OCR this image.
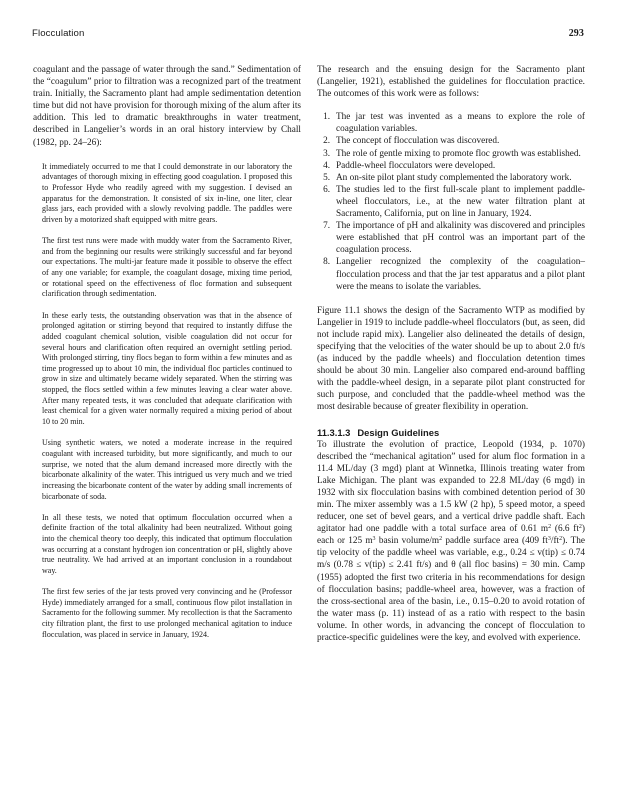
Flocculation	293

coagulant and the passage of water through the sand.” Sedimentation of the “coagulum” prior to filtration was a recognized part of the treatment train. Initially, the Sacramento plant had ample sedimentation detention time but did not have provision for thorough mixing of the alum after its addition. This led to dramatic breakthroughs in water treatment, described in Langelier’s words in an oral history interview by Chall (1982, pp. 24–26):

It immediately occurred to me that I could demonstrate in our laboratory the advantages of thorough mixing in effecting good coagulation. I proposed this to Professor Hyde who readily agreed with my suggestion. I devised an apparatus for the demonstration. It consisted of six in-line, one liter, clear glass jars, each provided with a slowly revolving paddle. The paddles were driven by a motorized shaft equipped with mitre gears.

The first test runs were made with muddy water from the Sacramento River, and from the beginning our results were strikingly successful and far beyond our expectations. The multi-jar feature made it possible to observe the effect of any one variable; for example, the coagulant dosage, mixing time period, or rotational speed on the effectiveness of floc formation and subsequent clarification through sedimentation.

In these early tests, the outstanding observation was that in the absence of prolonged agitation or stirring beyond that required to instantly diffuse the added coagulant chemical solution, visible coagulation did not occur for several hours and clarification often required an overnight settling period. With prolonged stirring, tiny flocs began to form within a few minutes and as time progressed up to about 10 min, the individual floc particles continued to grow in size and ultimately became widely separated. When the stirring was stopped, the flocs settled within a few minutes leaving a clear water above. After many repeated tests, it was concluded that adequate clarification with least chemical for a given water normally required a mixing period of about 10 to 20 min.

Using synthetic waters, we noted a moderate increase in the required coagulant with increased turbidity, but more significantly, and much to our surprise, we noted that the alum demand increased more directly with the bicarbonate alkalinity of the water. This intrigued us very much and we tried increasing the bicarbonate content of the water by adding small increments of bicarbonate of soda.

In all these tests, we noted that optimum flocculation occurred when a definite fraction of the total alkalinity had been neutralized. Without going into the chemical theory too deeply, this indicated that optimum flocculation was occurring at a constant hydrogen ion concentration or pH, slightly above true neutrality. We had arrived at an important conclusion in a roundabout way.

The first few series of the jar tests proved very convincing and he (Professor Hyde) immediately arranged for a small, continuous flow pilot installation in Sacramento for the following summer. My recollection is that the Sacramento city filtration plant, the first to use prolonged mechanical agitation to induce flocculation, was placed in service in January, 1924.

The research and the ensuing design for the Sacramento plant (Langelier, 1921), established the guidelines for flocculation practice. The outcomes of this work were as follows:

1. The jar test was invented as a means to explore the role of coagulation variables.
2. The concept of flocculation was discovered.
3. The role of gentle mixing to promote floc growth was established.
4. Paddle-wheel flocculators were developed.
5. An on-site pilot plant study complemented the laboratory work.
6. The studies led to the first full-scale plant to implement paddle-wheel flocculators, i.e., at the new water filtration plant at Sacramento, California, put on line in January, 1924.
7. The importance of pH and alkalinity was discovered and principles were established that pH control was an important part of the coagulation process.
8. Langelier recognized the complexity of the coagulation–flocculation process and that the jar test apparatus and a pilot plant were the means to isolate the variables.

Figure 11.1 shows the design of the Sacramento WTP as modified by Langelier in 1919 to include paddle-wheel flocculators (but, as seen, did not include rapid mix). Langelier also delineated the details of design, specifying that the velocities of the water should be up to about 2.0 ft/s (as induced by the paddle wheels) and flocculation detention times should be about 30 min. Langelier also compared end-around baffling with the paddle-wheel design, in a separate pilot plant constructed for such purpose, and concluded that the paddle-wheel method was the most desirable because of greater flexibility in operation.

11.3.1.3 Design Guidelines

To illustrate the evolution of practice, Leopold (1934, p. 1070) described the “mechanical agitation” used for alum floc formation in a 11.4 ML/day (3 mgd) plant at Winnetka, Illinois treating water from Lake Michigan. The plant was expanded to 22.8 ML/day (6 mgd) in 1932 with six flocculation basins with combined detention period of 30 min. The mixer assembly was a 1.5 kW (2 hp), 5 speed motor, a speed reducer, one set of bevel gears, and a vertical drive paddle shaft. Each agitator had one paddle with a total surface area of 0.61 $m^2$ (6.6 $ft^2$) each or 125 $m^3$ basin volume/$m^2$ paddle surface area (409 $ft^3/ft^2$). The tip velocity of the paddle wheel was variable, e.g., 0.24 ≤ v(tip) ≤ 0.74 m/s (0.78 ≤ v(tip) ≤ 2.41 ft/s) and θ (all floc basins) = 30 min. Camp (1955) adopted the first two criteria in his recommendations for design of flocculation basins; paddle-wheel area, however, was a fraction of the cross-sectional area of the basin, i.e., 0.15–0.20 to avoid rotation of the water mass (p. 11) instead of as a ratio with respect to the basin volume. In other words, in advancing the concept of flocculation to practice-specific guidelines were the key, and evolved with experience.
